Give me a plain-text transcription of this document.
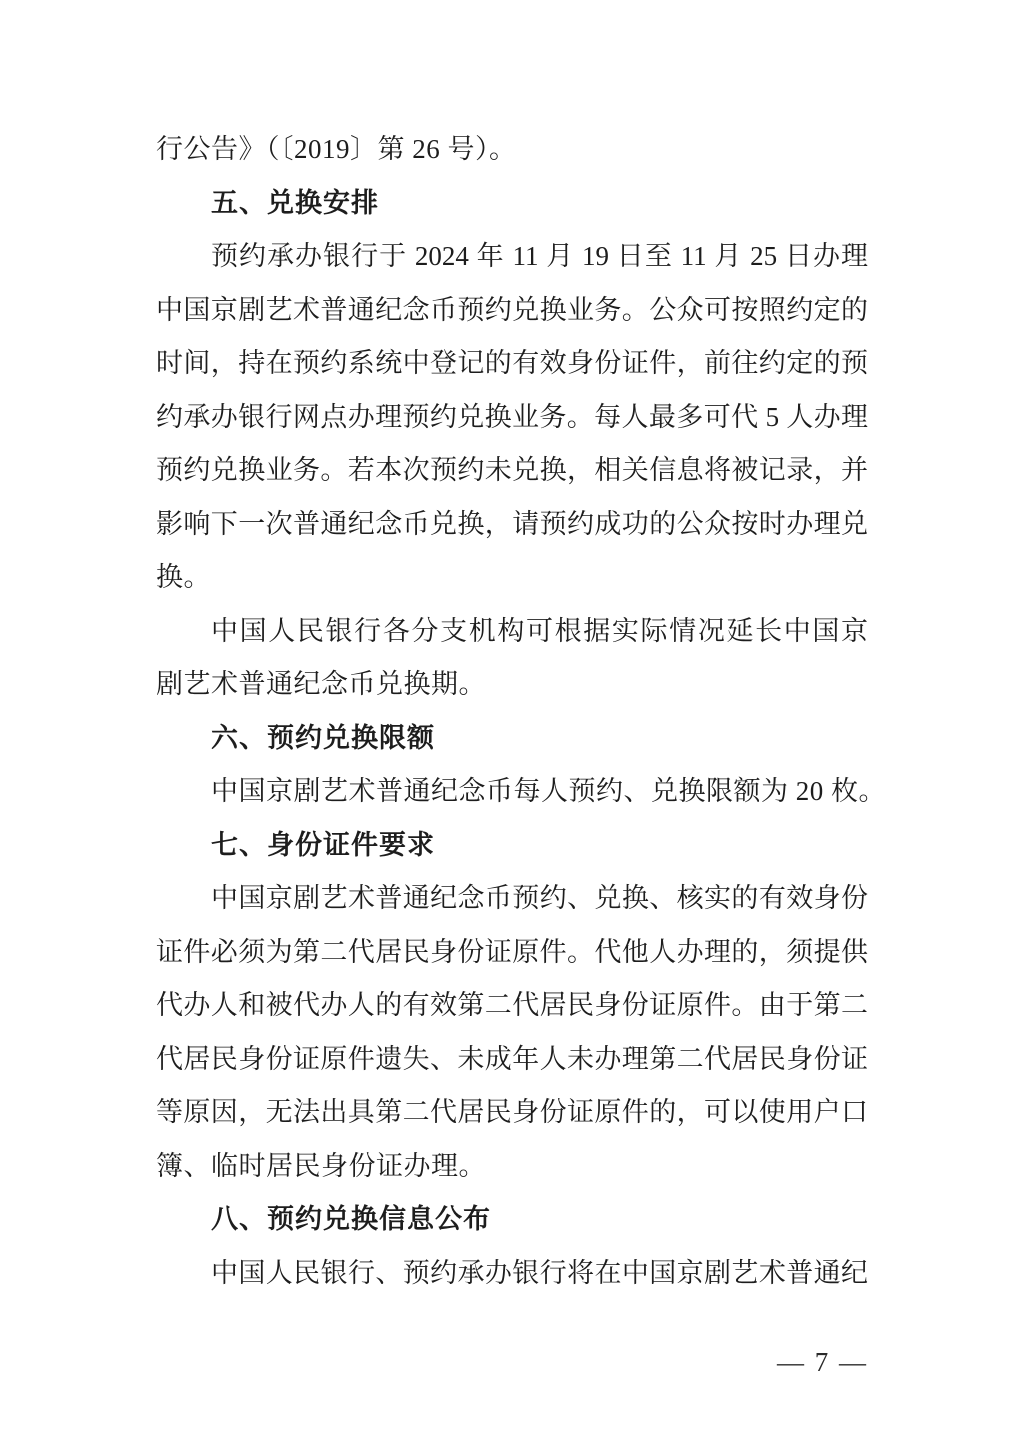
行公告》（〔2019〕第 26 号）。
五、兑换安排
预约承办银行于 2024 年 11 月 19 日至 11 月 25 日办理
中国京剧艺术普通纪念币预约兑换业务。公众可按照约定的
时间，持在预约系统中登记的有效身份证件，前往约定的预
约承办银行网点办理预约兑换业务。每人最多可代 5 人办理
预约兑换业务。若本次预约未兑换，相关信息将被记录，并
影响下一次普通纪念币兑换，请预约成功的公众按时办理兑
换。
中国人民银行各分支机构可根据实际情况延长中国京
剧艺术普通纪念币兑换期。
六、预约兑换限额
中国京剧艺术普通纪念币每人预约、兑换限额为 20 枚。
七、身份证件要求
中国京剧艺术普通纪念币预约、兑换、核实的有效身份
证件必须为第二代居民身份证原件。代他人办理的，须提供
代办人和被代办人的有效第二代居民身份证原件。由于第二
代居民身份证原件遗失、未成年人未办理第二代居民身份证
等原因，无法出具第二代居民身份证原件的，可以使用户口
簿、临时居民身份证办理。
八、预约兑换信息公布
中国人民银行、预约承办银行将在中国京剧艺术普通纪
— 7 —
